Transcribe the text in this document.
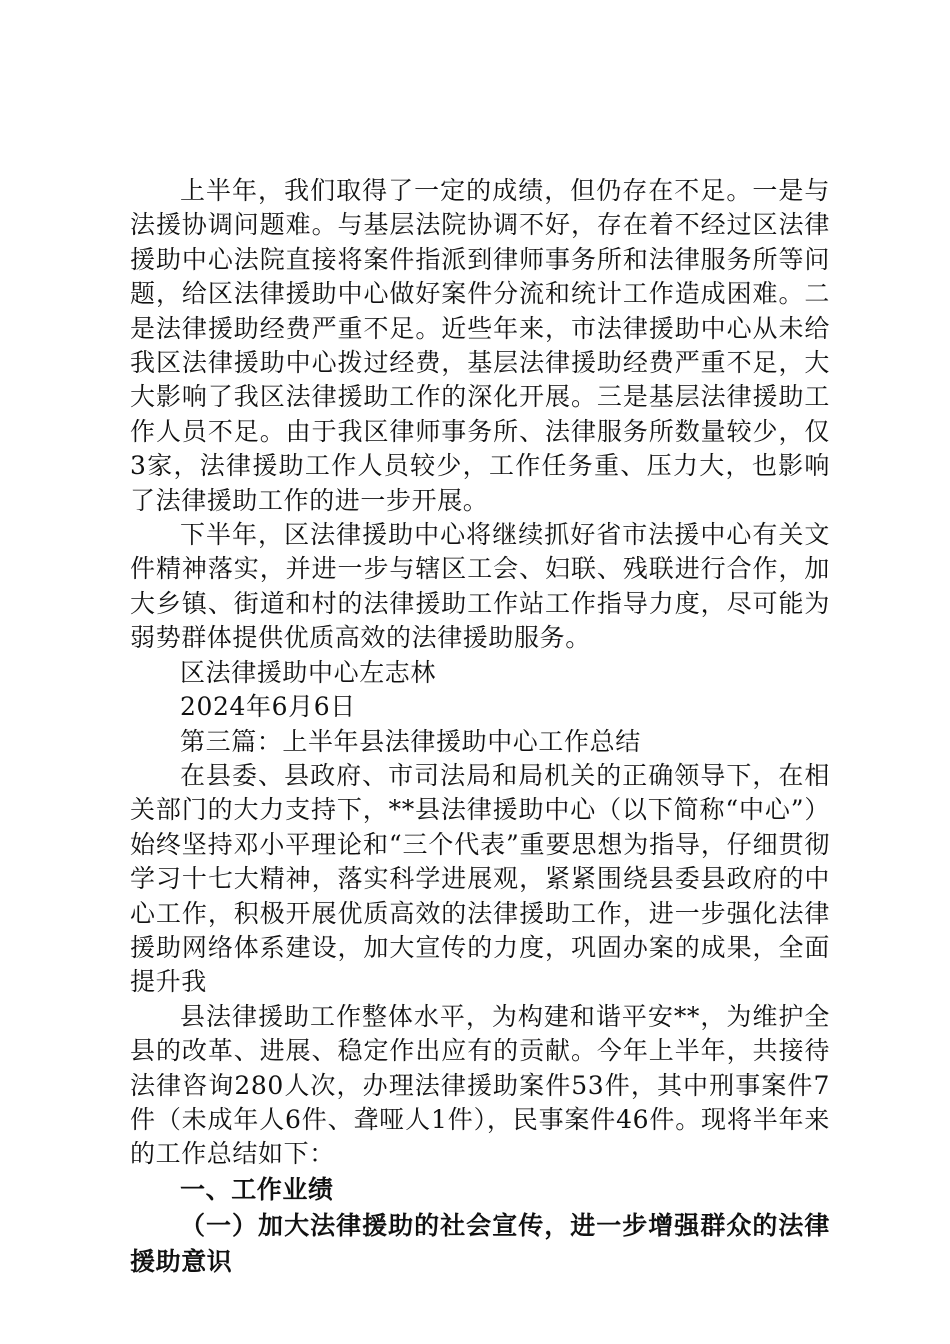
上半年，我们取得了一定的成绩，但仍存在不足。一是与法援协调问题难。与基层法院协调不好，存在着不经过区法律援助中心法院直接将案件指派到律师事务所和法律服务所等问题，给区法律援助中心做好案件分流和统计工作造成困难。二是法律援助经费严重不足。近些年来，市法律援助中心从未给我区法律援助中心拨过经费，基层法律援助经费严重不足，大大影响了我区法律援助工作的深化开展。三是基层法律援助工作人员不足。由于我区律师事务所、法律服务所数量较少，仅3家，法律援助工作人员较少，工作任务重、压力大，也影响了法律援助工作的进一步开展。

下半年，区法律援助中心将继续抓好省市法援中心有关文件精神落实，并进一步与辖区工会、妇联、残联进行合作，加大乡镇、街道和村的法律援助工作站工作指导力度，尽可能为弱势群体提供优质高效的法律援助服务。

区法律援助中心左志林

2024年6月6日

第三篇：上半年县法律援助中心工作总结

在县委、县政府、市司法局和局机关的正确领导下，在相关部门的大力支持下，**县法律援助中心（以下简称“中心”）始终坚持邓小平理论和“三个代表”重要思想为指导，仔细贯彻学习十七大精神，落实科学进展观，紧紧围绕县委县政府的中心工作，积极开展优质高效的法律援助工作，进一步强化法律援助网络体系建设，加大宣传的力度，巩固办案的成果，全面提升我

县法律援助工作整体水平，为构建和谐平安**，为维护全县的改革、进展、稳定作出应有的贡献。今年上半年，共接待法律咨询280人次，办理法律援助案件53件，其中刑事案件7件（未成年人6件、聋哑人1件），民事案件46件。现将半年来的工作总结如下：

一、工作业绩

（一）加大法律援助的社会宣传，进一步增强群众的法律援助意识
